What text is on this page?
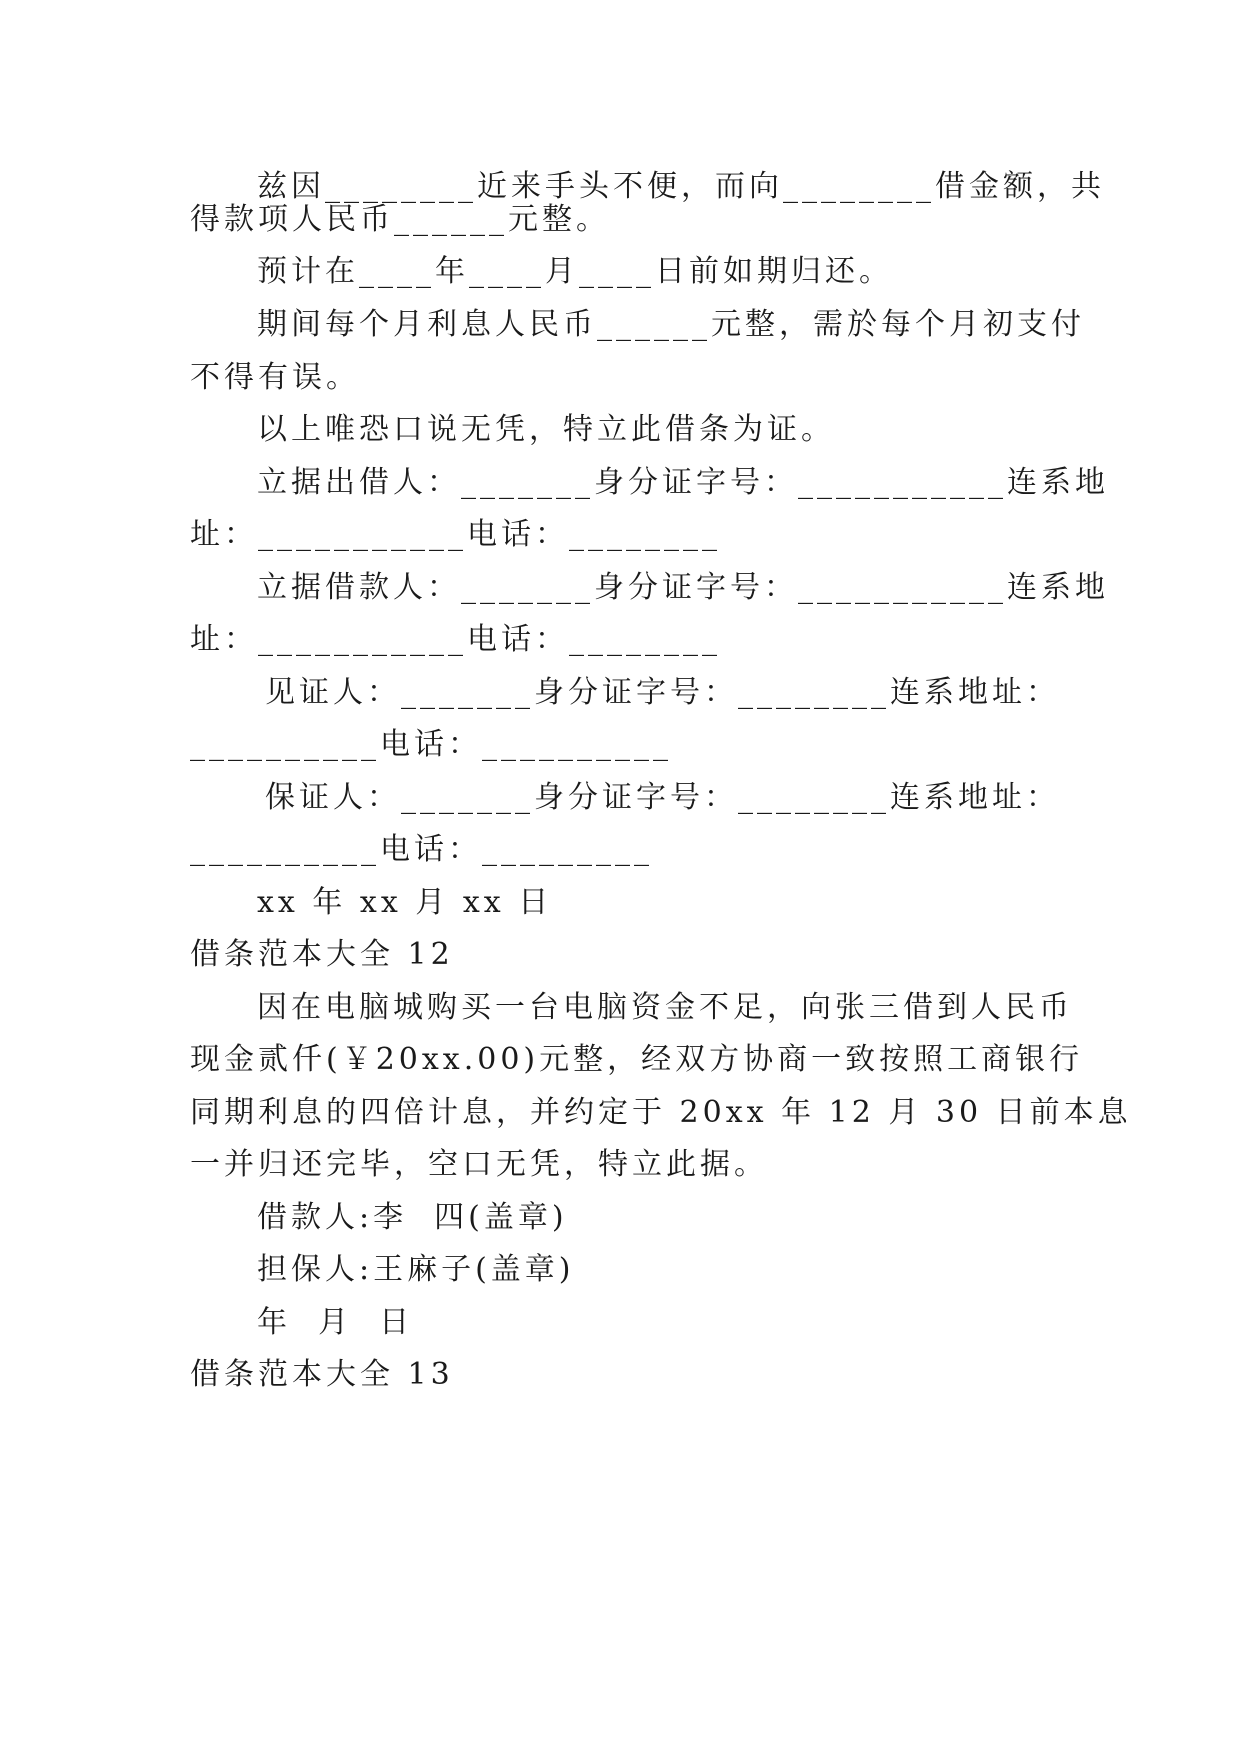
兹因________近来手头不便，而向________借金额，共
得款项人民币______元整。
预计在____年____月____日前如期归还。
期间每个月利息人民币______元整，需於每个月初支付
不得有误。
以上唯恐口说无凭，特立此借条为证。
立据出借人：_______身分证字号：___________连系地
址：___________电话：________
立据借款人：_______身分证字号：___________连系地
址：___________电话：________
见证人：_______身分证字号：________连系地址：
__________电话：__________
保证人：_______身分证字号：________连系地址：
__________电话：_________
xx 年 xx 月 xx 日
借条范本大全 12
因在电脑城购买一台电脑资金不足，向张三借到人民币
现金贰仟(￥20xx.00)元整，经双方协商一致按照工商银行
同期利息的四倍计息，并约定于 20xx 年 12 月 30 日前本息
一并归还完毕，空口无凭，特立此据。
借款人:李  四(盖章)
担保人:王麻子(盖章)
年  月  日
借条范本大全 13
